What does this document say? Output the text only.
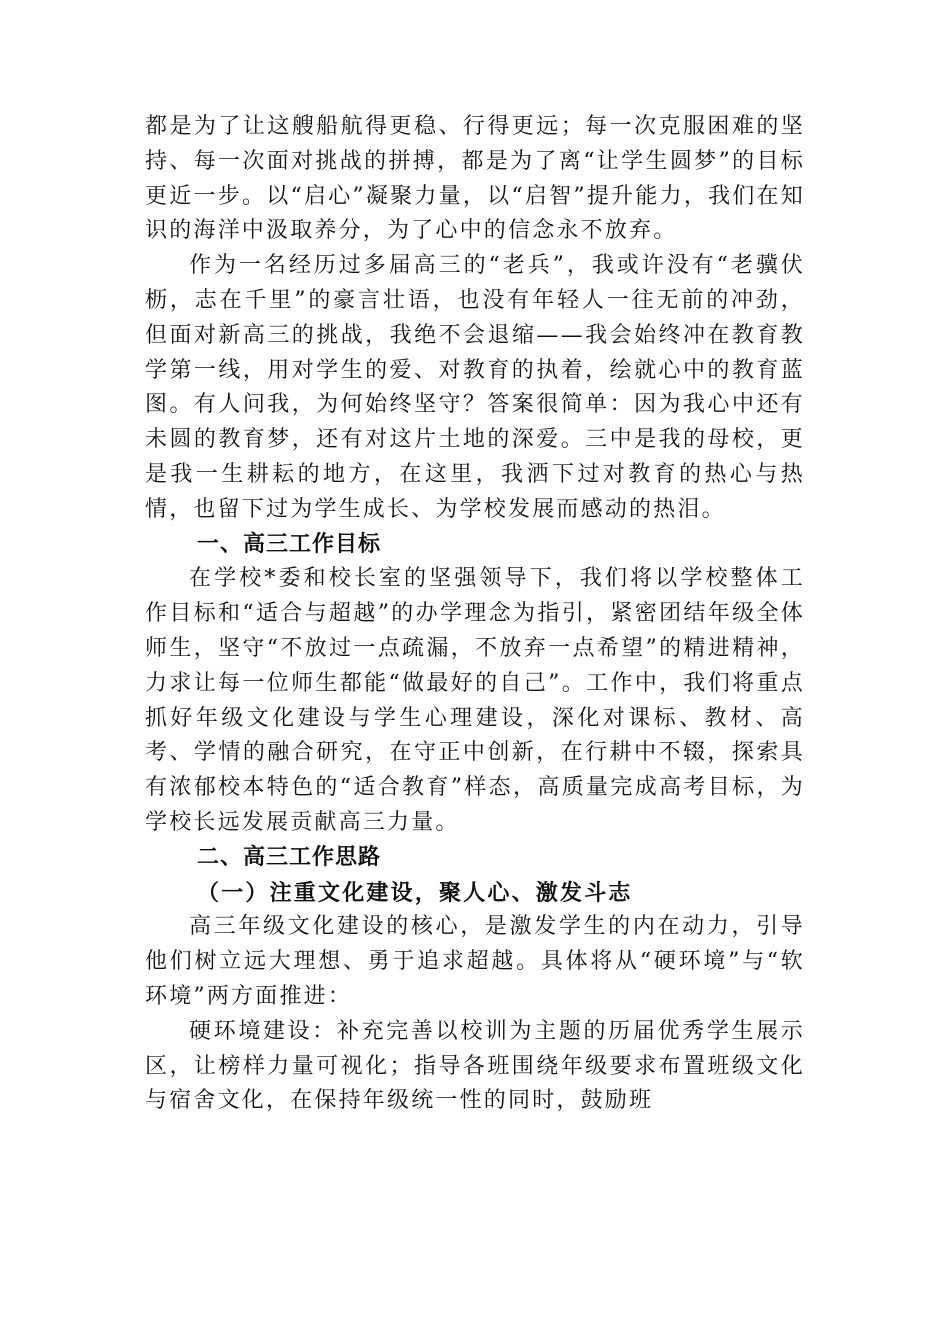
都是为了让这艘船航得更稳、行得更远；每一次克服困难的坚持、每一次面对挑战的拼搏，都是为了离“让学生圆梦”的目标更近一步。以“启心”凝聚力量，以“启智”提升能力，我们在知识的海洋中汲取养分，为了心中的信念永不放弃。

作为一名经历过多届高三的“老兵”，我或许没有“老骥伏枥，志在千里”的豪言壮语，也没有年轻人一往无前的冲劲，但面对新高三的挑战，我绝不会退缩——我会始终冲在教育教学第一线，用对学生的爱、对教育的执着，绘就心中的教育蓝图。有人问我，为何始终坚守？答案很简单：因为我心中还有未圆的教育梦，还有对这片土地的深爱。三中是我的母校，更是我一生耕耘的地方，在这里，我洒下过对教育的热心与热情，也留下过为学生成长、为学校发展而感动的热泪。

一、高三工作目标

在学校*委和校长室的坚强领导下，我们将以学校整体工作目标和“适合与超越”的办学理念为指引，紧密团结年级全体师生，坚守“不放过一点疏漏，不放弃一点希望”的精进精神，力求让每一位师生都能“做最好的自己”。工作中，我们将重点抓好年级文化建设与学生心理建设，深化对课标、教材、高考、学情的融合研究，在守正中创新，在行耕中不辍，探索具有浓郁校本特色的“适合教育”样态，高质量完成高考目标，为学校长远发展贡献高三力量。

二、高三工作思路

（一）注重文化建设，聚人心、激发斗志

高三年级文化建设的核心，是激发学生的内在动力，引导他们树立远大理想、勇于追求超越。具体将从“硬环境”与“软环境”两方面推进：

硬环境建设：补充完善以校训为主题的历届优秀学生展示区，让榜样力量可视化；指导各班围绕年级要求布置班级文化与宿舍文化，在保持年级统一性的同时，鼓励班
